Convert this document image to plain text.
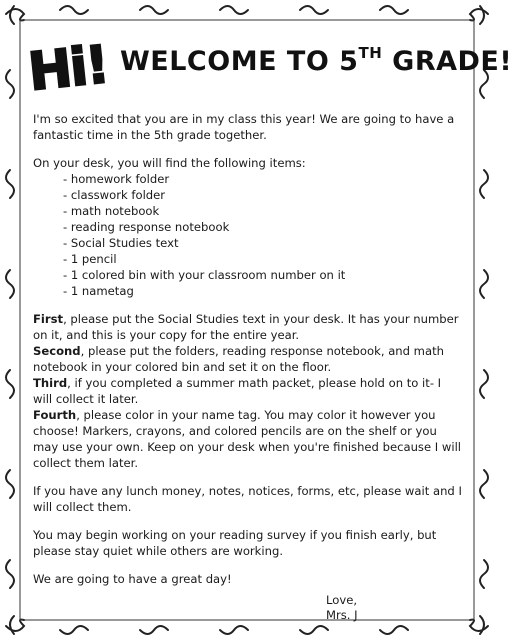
Hi! WELCOME TO 5TH GRADE!

I'm so excited that you are in my class this year! We are going to have a fantastic time in the 5th grade together.

On your desk, you will find the following items:
- homework folder
- classwork folder
- math notebook
- reading response notebook
- Social Studies text
- 1 pencil
- 1 colored bin with your classroom number on it
- 1 nametag
First, please put the Social Studies text in your desk. It has your number on it, and this is your copy for the entire year.
Second, please put the folders, reading response notebook, and math notebook in your colored bin and set it on the floor.
Third, if you completed a summer math packet, please hold on to it- I will collect it later.
Fourth, please color in your name tag. You may color it however you choose! Markers, crayons, and colored pencils are on the shelf or you may use your own. Keep on your desk when you're finished because I will collect them later.

If you have any lunch money, notes, notices, forms, etc, please wait and I will collect them.

You may begin working on your reading survey if you finish early, but please stay quiet while others are working.

We are going to have a great day!

Love,
Mrs. J
